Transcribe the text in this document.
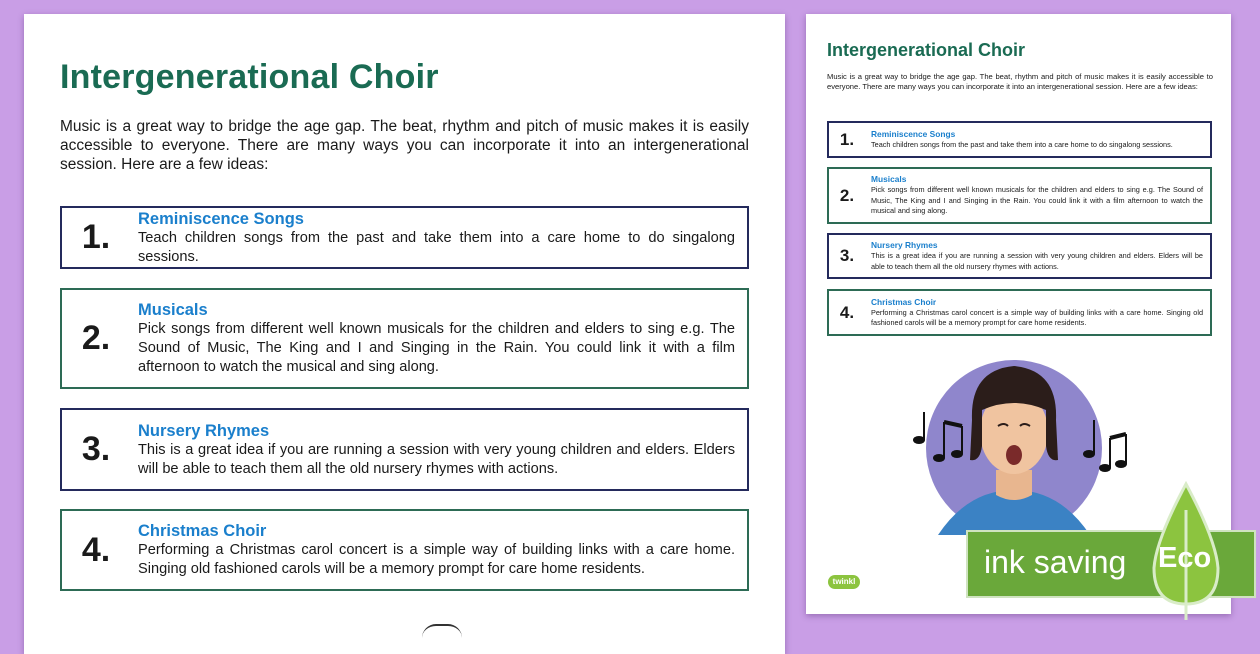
Intergenerational Choir

Music is a great way to bridge the age gap. The beat, rhythm and pitch of music makes it is easily accessible to everyone. There are many ways you can incorporate it into an intergenerational session. Here are a few ideas:

1.	Reminiscence Songs
Teach children songs from the past and take them into a care home to do singalong sessions.
2.
Musicals
Pick songs from different well known musicals for the children and elders to sing e.g. The Sound of Music, The King and I and Singing in the Rain. You could link it with a film afternoon to watch the musical and sing along.
3.	Nursery Rhymes
This is a great idea if you are running a session with very young children and elders. Elders will be able to teach them all the old nursery rhymes with actions.
4.	Christmas Choir
Performing a Christmas carol concert is a simple way of building links with a care home. Singing old fashioned carols will be a memory prompt for care home residents.
Intergenerational Choir

Music is a great way to bridge the age gap. The beat, rhythm and pitch of music makes it is easily accessible to everyone. There are many ways you can incorporate it into an intergenerational session. Here are a few ideas:

1.	Reminiscence Songs
Teach children songs from the past and take them into a care home to do singalong sessions.
2.
Musicals
Pick songs from different well known musicals for the children and elders to sing e.g. The Sound of Music, The King and I and Singing in the Rain. You could link it with a film afternoon to watch the musical and sing along.
3.
Nursery Rhymes
This is a great idea if you are running a session with very young children and elders. Elders will be able to teach them all the old nursery rhymes with actions.
4.
Christmas Choir
Performing a Christmas carol concert is a simple way of building links with a care home. Singing old fashioned carols will be a memory prompt for care home residents.
twinkl
ink saving Eco
